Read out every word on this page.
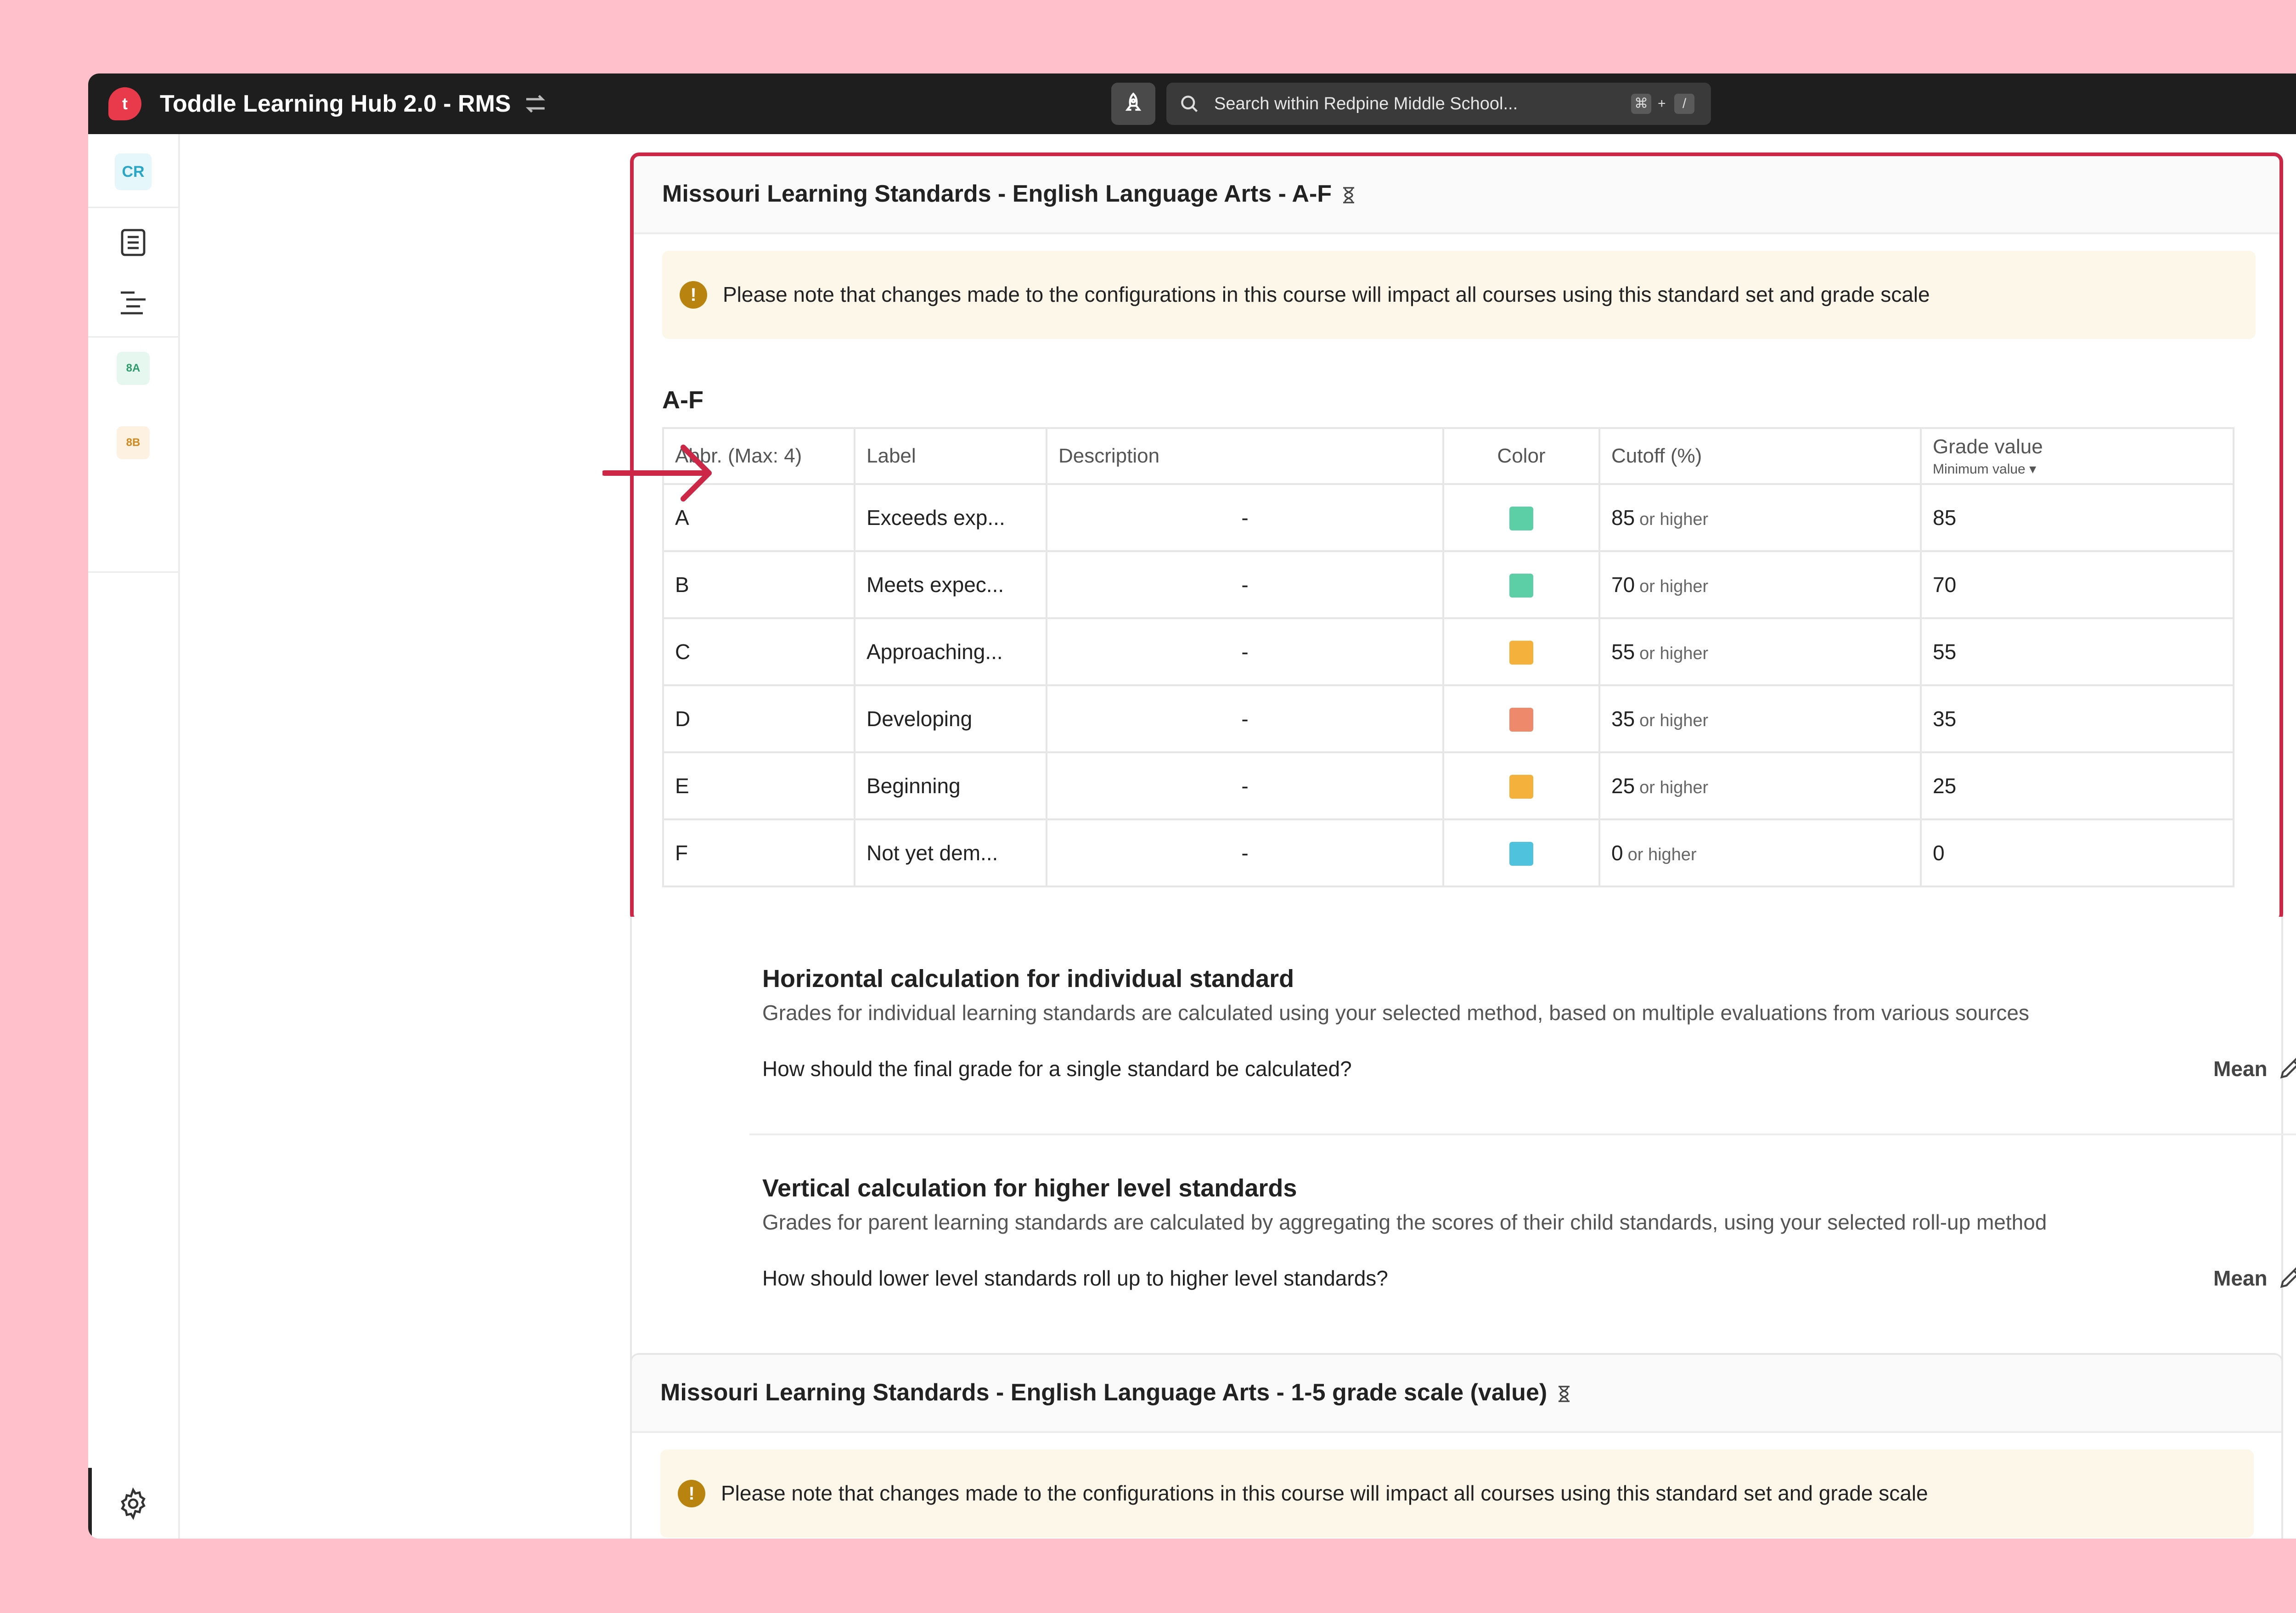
t	Toddle Learning Hub 2.0 - RMS	Search within Redpine Middle School...	⌘ +	/
CR
8A
8B
Missouri Learning Standards - English Language Arts - A-F
!	Please note that changes made to the configurations in this course will impact all courses using this standard set and grade scale
A-F
Abbr. (Max: 4)	Label	Description	Color	Cutoff (%)	Grade value
Minimum value ▾

A	Exceeds exp...	-		85 or higher	85
B	Meets expec...	-		70 or higher	70
C	Approaching...	-		55 or higher	55
D	Developing	-		35 or higher	35
E	Beginning	-		25 or higher	25
F	Not yet dem...	-		0 or higher	0
Horizontal calculation for individual standard
Grades for individual learning standards are calculated using your selected method, based on multiple evaluations from various sources
How should the final grade for a single standard be calculated?	Mean
Vertical calculation for higher level standards
Grades for parent learning standards are calculated by aggregating the scores of their child standards, using your selected roll-up method
How should lower level standards roll up to higher level standards?	Mean
Missouri Learning Standards - English Language Arts - 1-5 grade scale (value)
!	Please note that changes made to the configurations in this course will impact all courses using this standard set and grade scale
